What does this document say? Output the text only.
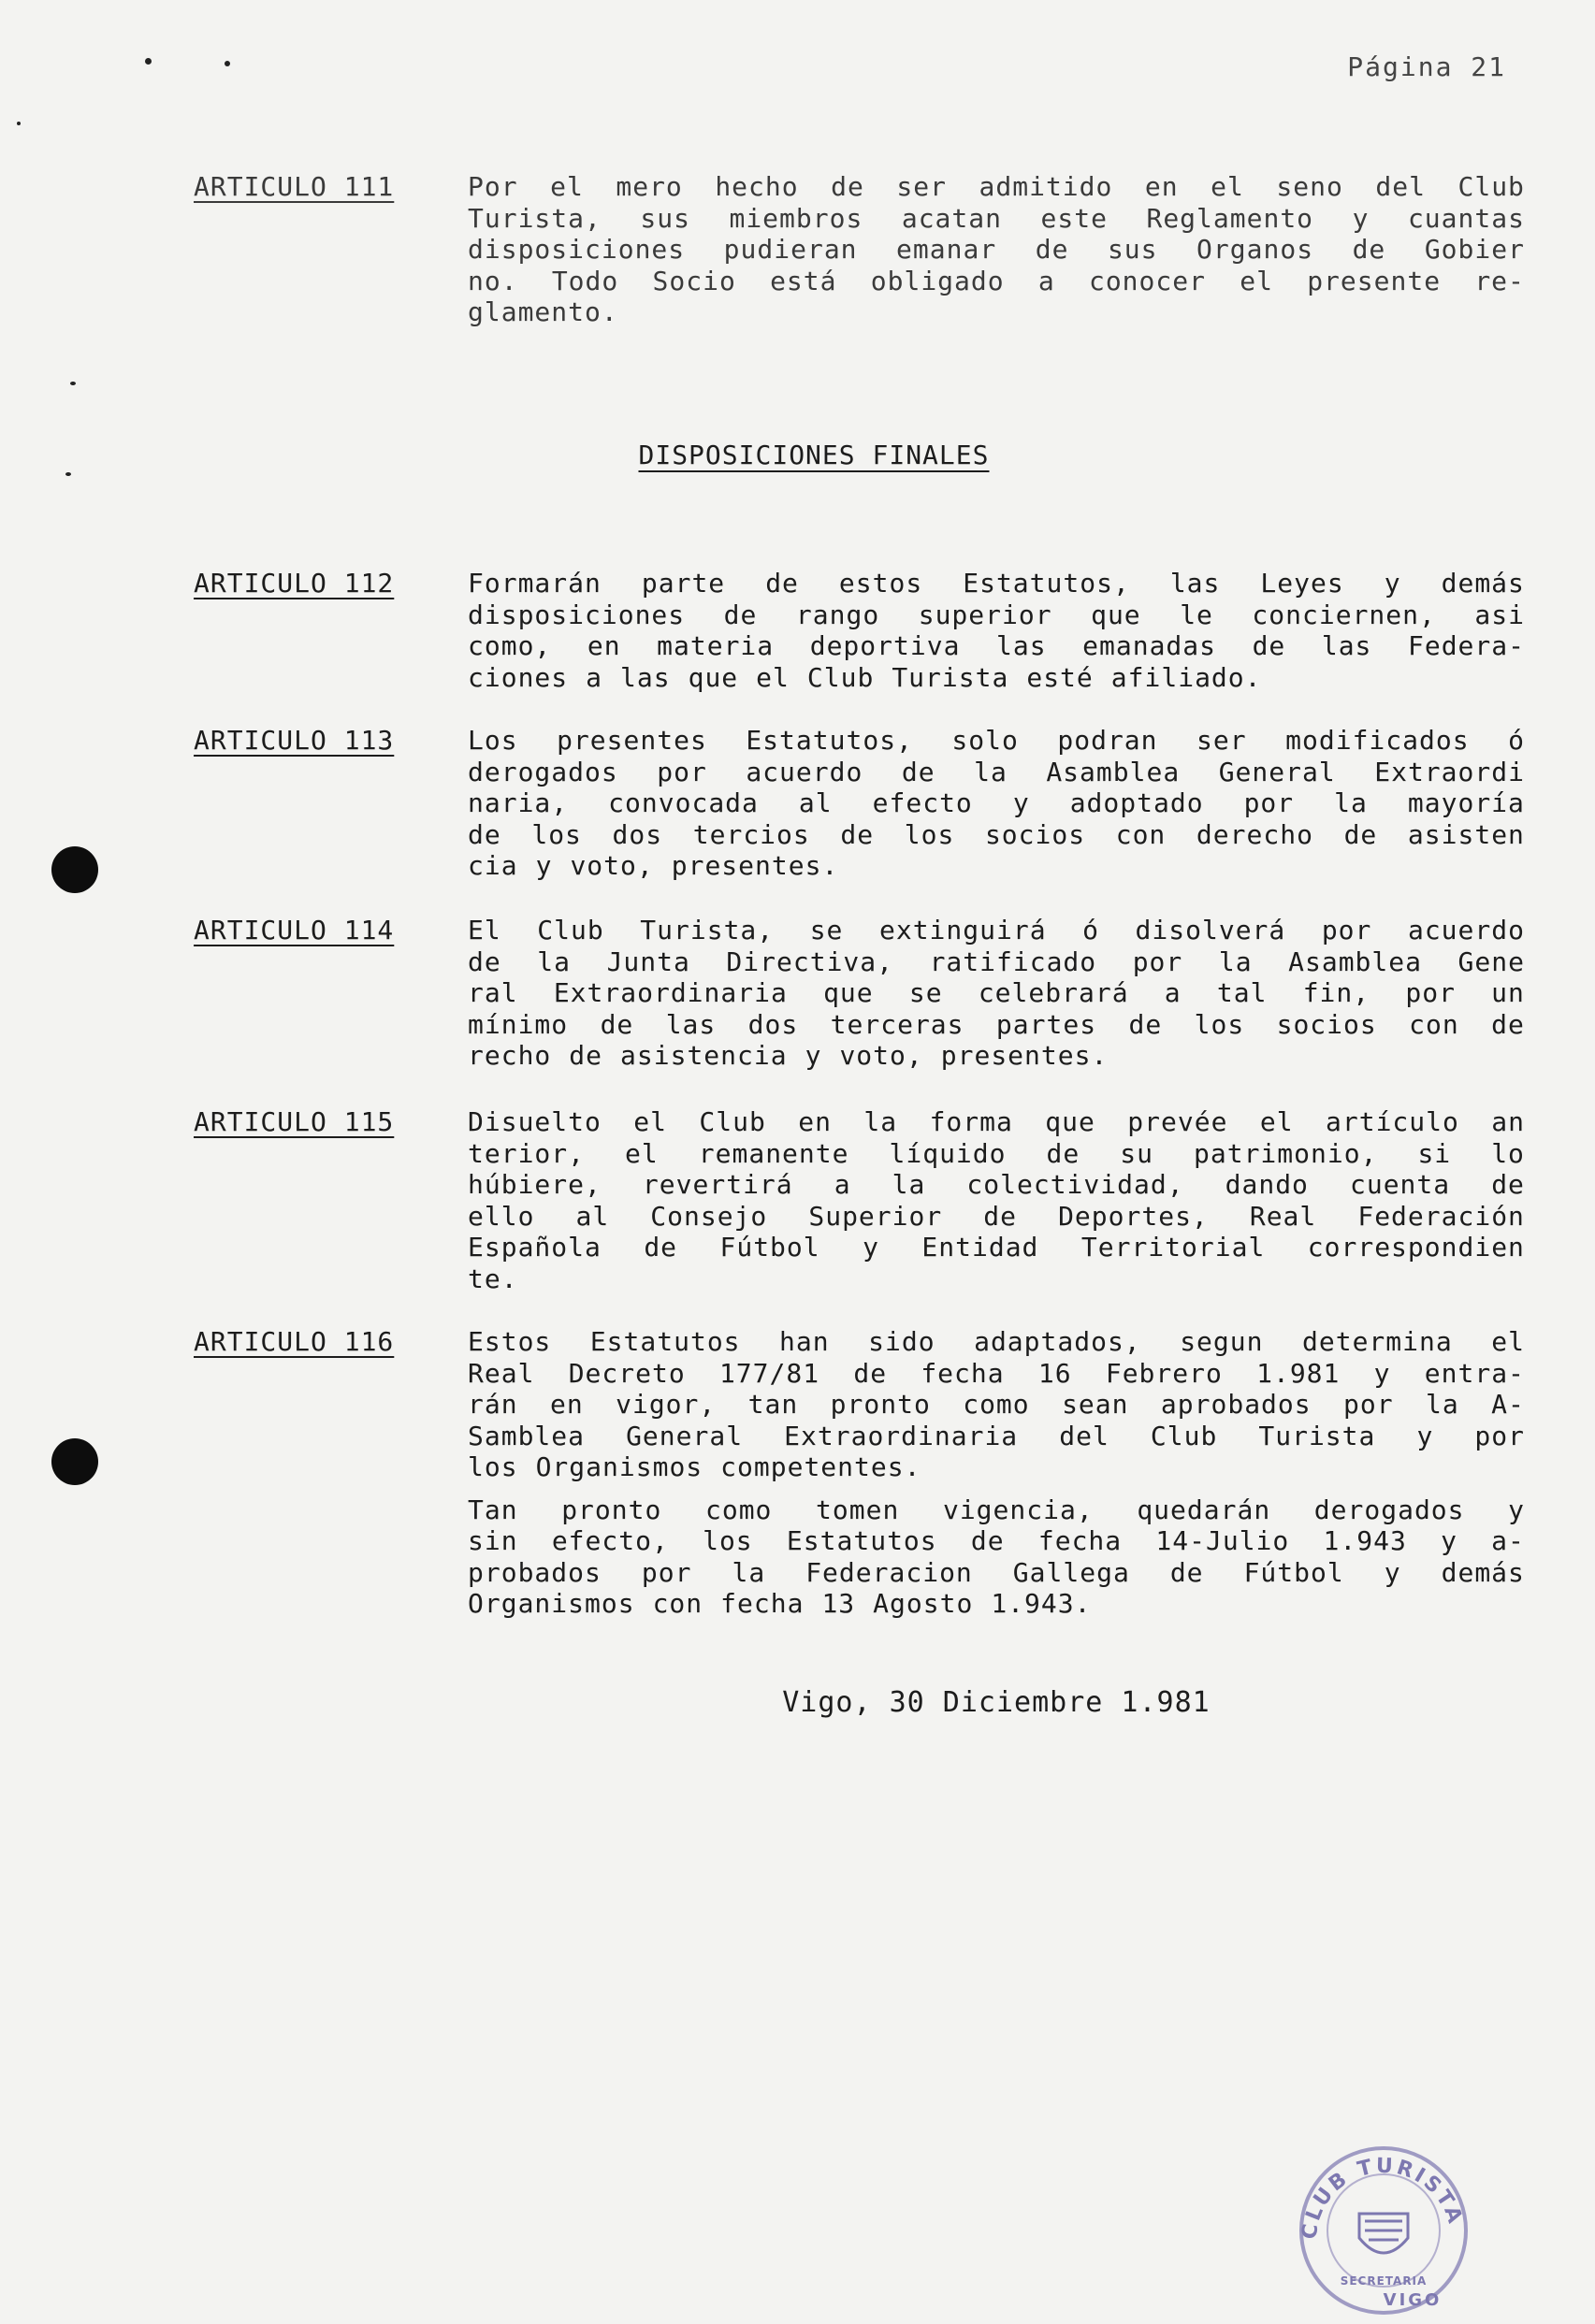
Página 21
DISPOSICIONES FINALES
ARTICULO 111	Por el mero hecho de ser admitido en el seno del Club
Turista, sus miembros acatan este Reglamento y cuantas
disposiciones pudieran emanar de sus Organos de Gobier
no. Todo Socio está obligado a conocer el presente re-
glamento.

ARTICULO 112	Formarán parte de estos Estatutos, las Leyes y demás
disposiciones de rango superior que le conciernen, asi
como, en materia deportiva las emanadas de las Federa-
ciones a las que el Club Turista esté afiliado.

ARTICULO 113	Los presentes Estatutos, solo podran ser modificados ó
derogados por acuerdo de la Asamblea General Extraordi
naria, convocada al efecto y adoptado por la mayoría
de los dos tercios de los socios con derecho de asisten
cia y voto, presentes.

ARTICULO 114	El Club Turista, se extinguirá ó disolverá por acuerdo
de la Junta Directiva, ratificado por la Asamblea Gene
ral Extraordinaria que se celebrará a tal fin, por un
mínimo de las dos terceras partes de los socios con de
recho de asistencia y voto, presentes.

ARTICULO 115	Disuelto el Club en la forma que prevée el artículo an
terior, el remanente líquido de su patrimonio, si lo
húbiere, revertirá a la colectividad, dando cuenta de
ello al Consejo Superior de Deportes, Real Federación
Española de Fútbol y Entidad Territorial correspondien
te.

ARTICULO 116	Estos Estatutos han sido adaptados, segun determina el
Real Decreto 177/81 de fecha 16 Febrero 1.981 y entra-
rán en vigor, tan pronto como sean aprobados por la A-
Samblea General Extraordinaria del Club Turista y por
los Organismos competentes.

Tan pronto como tomen vigencia, quedarán derogados y
sin efecto, los Estatutos de fecha 14-Julio 1.943 y a-
probados por la Federacion Gallega de Fútbol y demás
Organismos con fecha 13 Agosto 1.943.

Vigo, 30 Diciembre 1.981
CLUB TURISTA
SECRETARIA
VIGO
